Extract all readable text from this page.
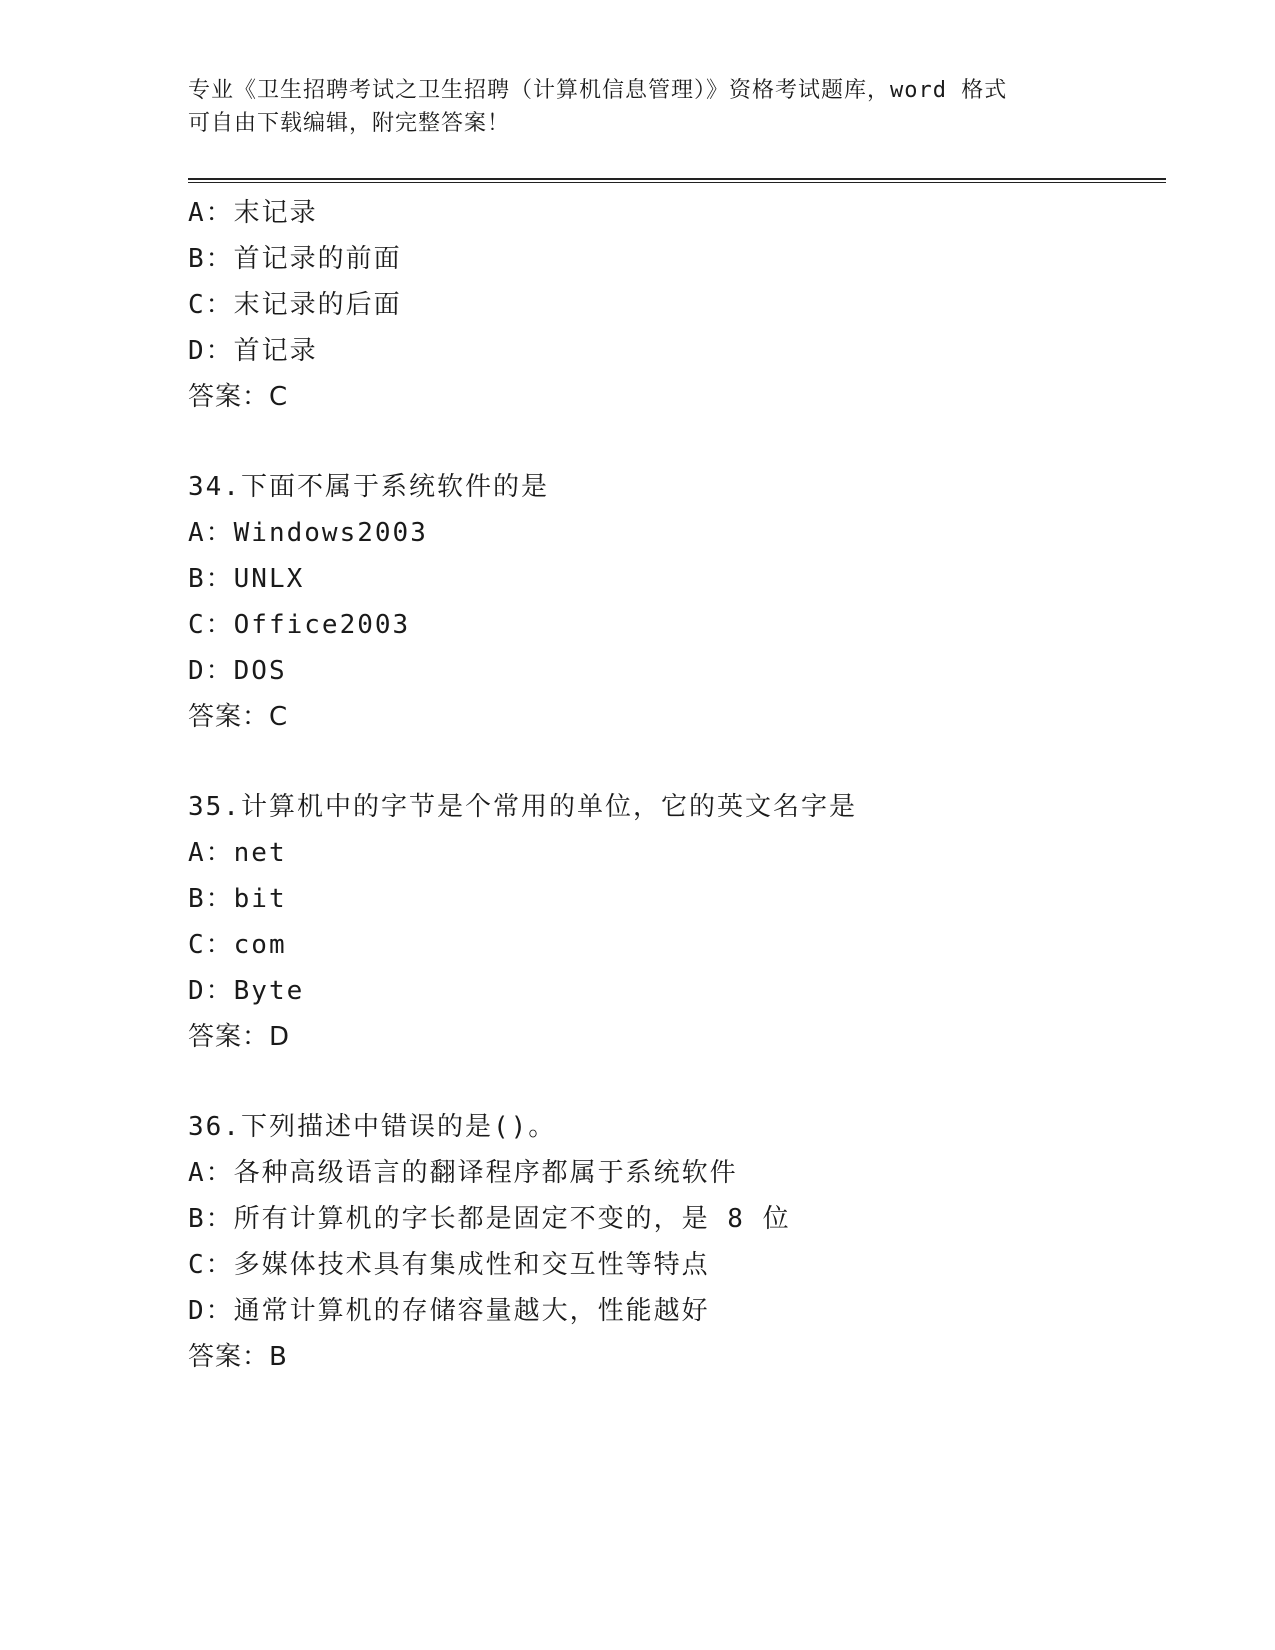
专业《卫生招聘考试之卫生招聘（计算机信息管理）》资格考试题库，word 格式
可自由下载编辑，附完整答案！
A：末记录
B：首记录的前面
C：末记录的后面
D：首记录
答案：C
34.下面不属于系统软件的是
A：Windows2003
B：UNLX
C：Office2003
D：DOS
答案：C
35.计算机中的字节是个常用的单位，它的英文名字是
A：net
B：bit
C：com
D：Byte
答案：D
36.下列描述中错误的是()。
A：各种高级语言的翻译程序都属于系统软件
B：所有计算机的字长都是固定不变的，是 8 位
C：多媒体技术具有集成性和交互性等特点
D：通常计算机的存储容量越大，性能越好
答案：B
